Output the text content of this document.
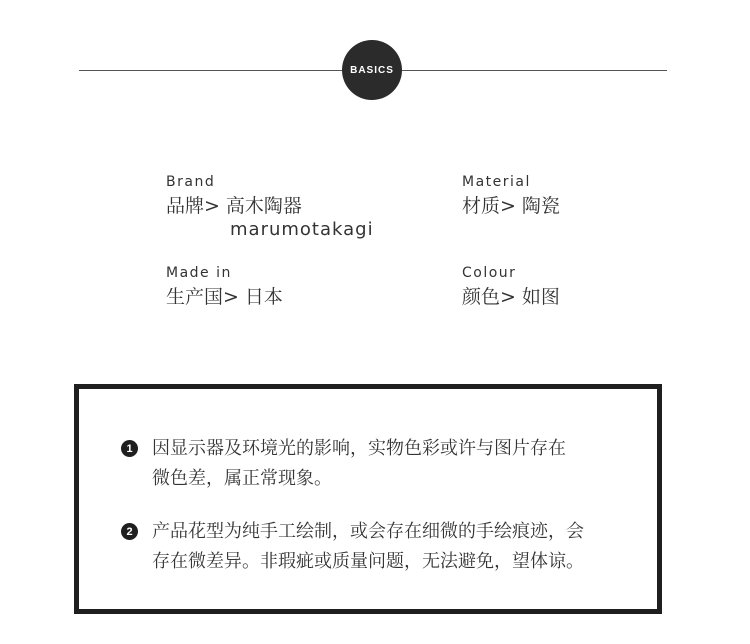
BASICS
Brand
品牌> 高木陶器
marumotakagi
Material
材质> 陶瓷
Made in
生产国> 日本
Colour
颜色> 如图
1	因显示器及环境光的影响，实物色彩或许与图片存在
微色差，属正常现象。
2	产品花型为纯手工绘制，或会存在细微的手绘痕迹，会
存在微差异。非瑕疵或质量问题，无法避免，望体谅。
